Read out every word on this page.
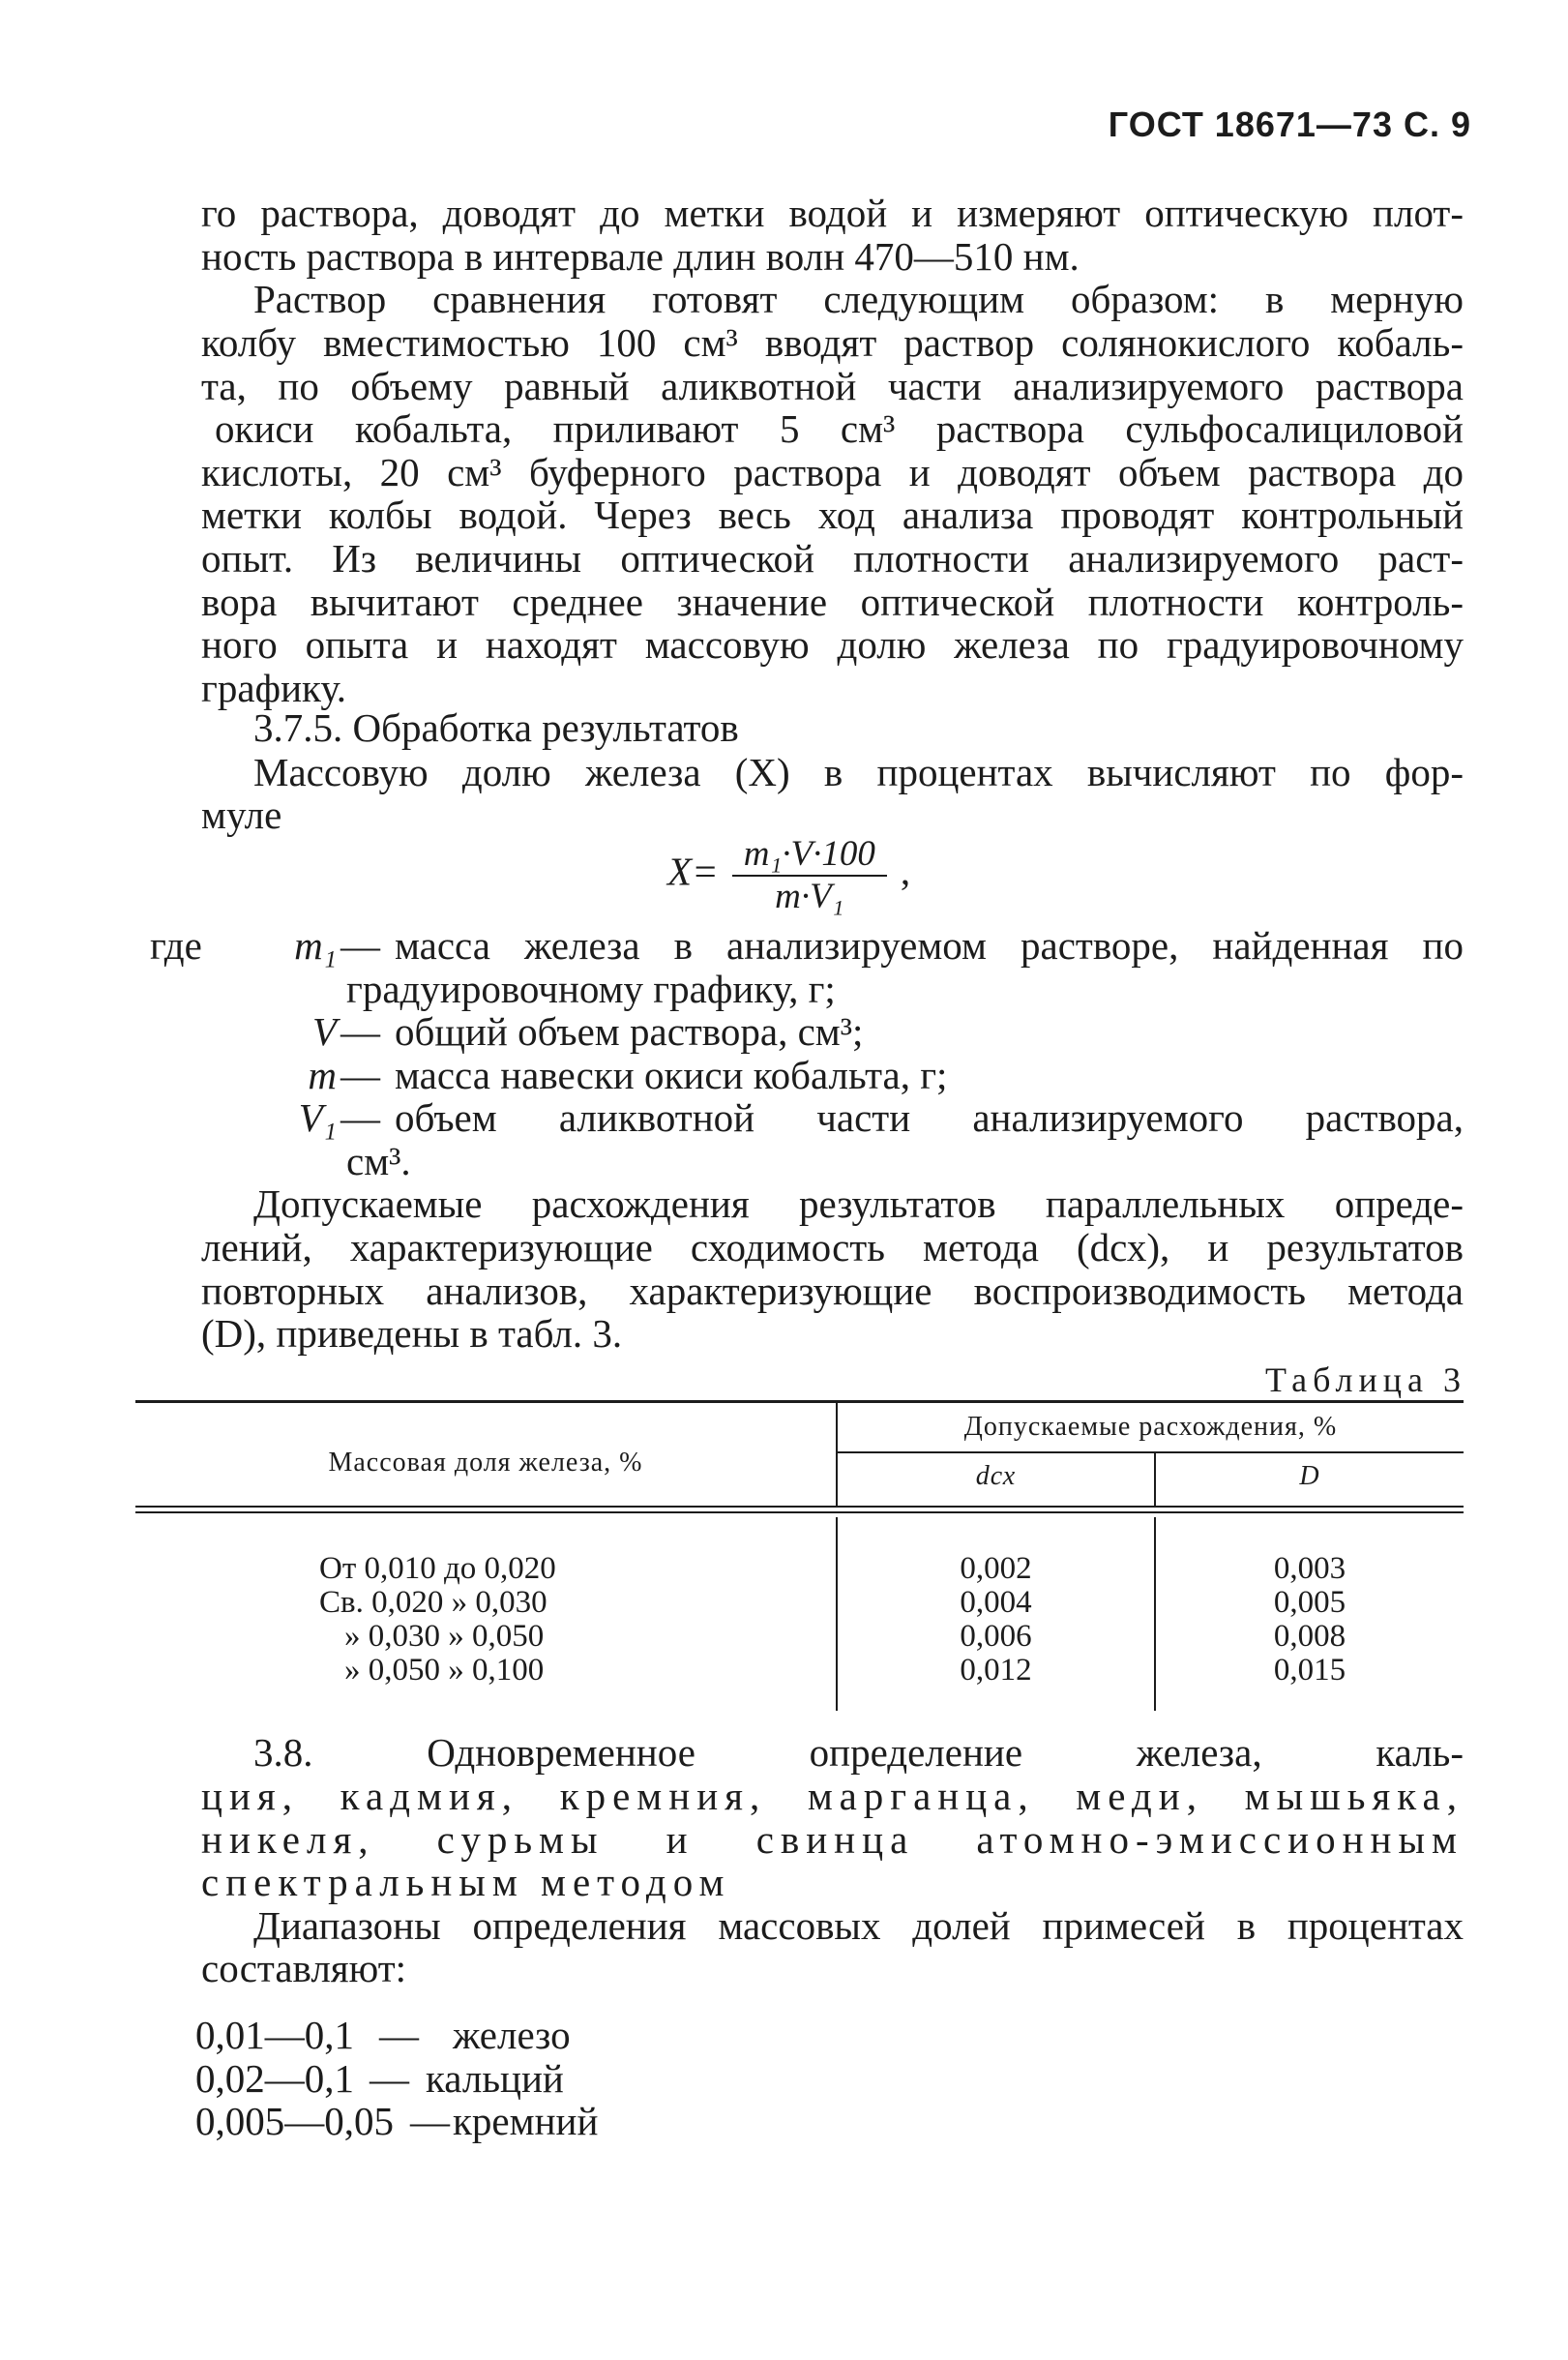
ГОСТ 18671—73 С. 9
го раствора, доводят до метки водой и измеряют оптическую плот-
ность раствора в интервале длин волн 470—510 нм.
Раствор сравнения готовят следующим образом: в мерную
колбу вместимостью 100 см³ вводят раствор солянокислого кобаль-
та, по объему равный аликвотной части анализируемого раствора
окиси кобальта, приливают 5 см³ раствора сульфосалициловой
кислоты, 20 см³ буферного раствора и доводят объем раствора до
метки колбы водой. Через весь ход анализа проводят контрольный
опыт. Из величины оптической плотности анализируемого раст-
вора вычитают среднее значение оптической плотности контроль-
ного опыта и находят массовую долю железа по градуировочному
графику.
3.7.5. Обработка результатов
Массовую долю железа (X) в процентах вычисляют по фор-
муле
$X= \frac{\text{m₁·V·100}}{\text{m·V₁}}$ ,
где	m₁ — масса железа в анализируемом растворе, найденная по
градуировочному графику, г;
V — общий объем раствора, см³;
m — масса навески окиси кобальта, г;
V₁ — объем аликвотной части анализируемого раствора,
см³.
Допускаемые расхождения результатов параллельных опреде-
лений, характеризующие сходимость метода (dсх), и результатов
повторных анализов, характеризующие воспроизводимость метода
(D), приведены в табл. 3.
Таблица 3
Массовая доля железа, %
Допускаемые расхождения, %
dсх	D
От 0,010 до 0,020	0,002	0,003
Св. 0,020 » 0,030	0,004	0,005
» 0,030 » 0,050	0,006	0,008
» 0,050 » 0,100	0,012	0,015
3.8. Одновременное определение железа, каль-
ция, кадмия, кремния, марганца, меди, мышьяка,
никеля, сурьмы и свинца атомно-эмиссионным
спектральным методом
Диапазоны определения массовых долей примесей в процентах
составляют:
0,01—0,1 — железо
0,02—0,1 — кальций
0,005—0,05 — кремний
